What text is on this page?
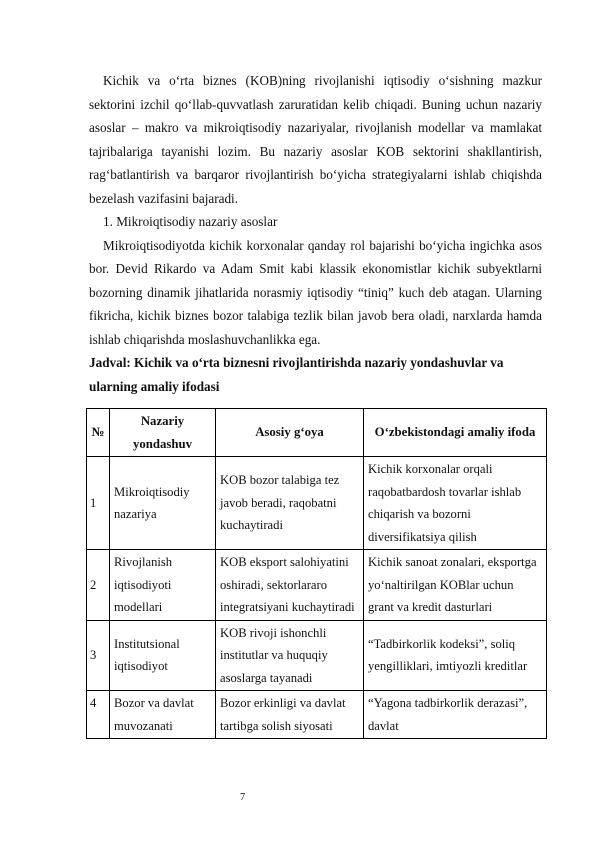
Kichik va o‘rta biznes (KOB)ning rivojlanishi iqtisodiy o‘sishning mazkur sektorini izchil qo‘llab-quvvatlash zaruratidan kelib chiqadi. Buning uchun nazariy asoslar – makro va mikroiqtisodiy nazariyalar, rivojlanish modellar va mamlakat tajribalariga tayanishi lozim. Bu nazariy asoslar KOB sektorini shakllantirish, rag‘batlantirish va barqaror rivojlantirish bo‘yicha strategiyalarni ishlab chiqishda bezelash vazifasini bajaradi.

1. Mikroiqtisodiy nazariy asoslar

Mikroiqtisodiyotda kichik korxonalar qanday rol bajarishi bo‘yicha ingichka asos bor. Devid Rikardo va Adam Smit kabi klassik ekonomistlar kichik subyektlarni bozorning dinamik jihatlarida norasmiy iqtisodiy “tiniq” kuch deb atagan. Ularning fikricha, kichik biznes bozor talabiga tezlik bilan javob bera oladi, narxlarda hamda ishlab chiqarishda moslashuvchanlikka ega.

Jadval: Kichik va o‘rta biznesni rivojlantirishda nazariy yondashuvlar va ularning amaliy ifodasi

№	Nazariy yondashuv	Asosiy g‘oya	O‘zbekistondagi amaliy ifoda
1	Mikroiqtisodiy nazariya	KOB bozor talabiga tez javob beradi, raqobatni kuchaytiradi	Kichik korxonalar orqali raqobatbardosh tovarlar ishlab chiqarish va bozorni diversifikatsiya qilish
2	Rivojlanish iqtisodiyoti modellari	KOB eksport salohiyatini oshiradi, sektorlararo integratsiyani kuchaytiradi	Kichik sanoat zonalari, eksportga yo‘naltirilgan KOBlar uchun grant va kredit dasturlari
3	Institutsional iqtisodiyot	KOB rivoji ishonchli institutlar va huquqiy asoslarga tayanadi	“Tadbirkorlik kodeksi”, soliq yengilliklari, imtiyozli kreditlar
4	Bozor va davlat muvozanati	Bozor erkinligi va davlat tartibga solish siyosati	“Yagona tadbirkorlik derazasi”, davlat
7
